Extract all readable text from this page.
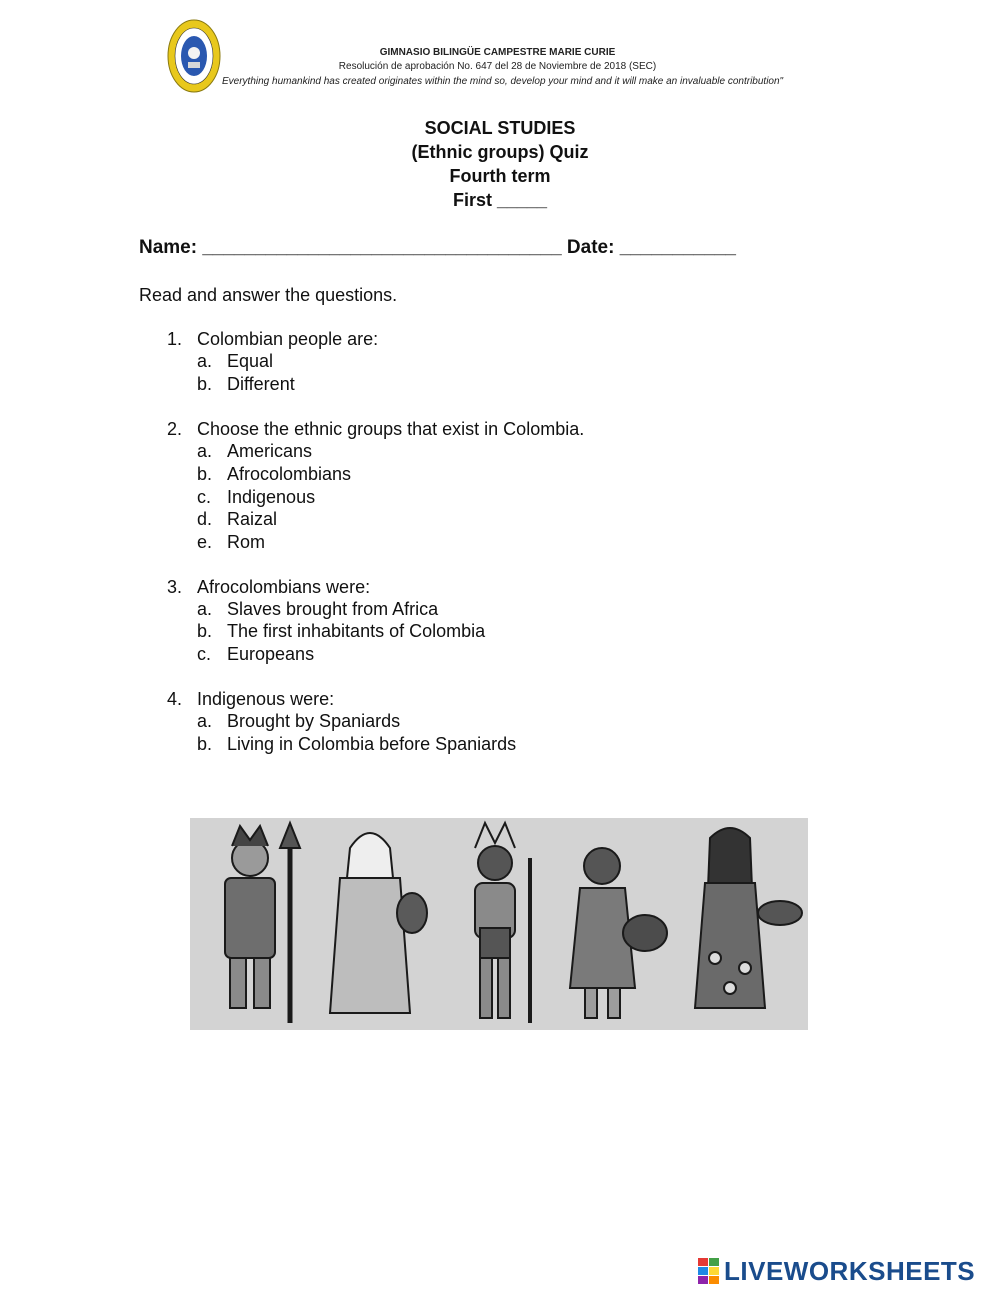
GIMNASIO BILINGÜE CAMPESTRE MARIE CURIE
Resolución de aprobación No. 647 del 28 de Noviembre de 2018 (SEC)
Everything humankind has created originates within the mind so, develop your mind and it will make an invaluable contribution"
SOCIAL STUDIES
(Ethnic groups) Quiz
Fourth term
First _____
Name: __________________________________ Date: ___________
Read and answer the questions.
1. Colombian people are:
a. Equal
b. Different
2. Choose the ethnic groups that exist in Colombia.
a. Americans
b. Afrocolombians
c. Indigenous
d. Raizal
e. Rom
3. Afrocolombians were:
a. Slaves brought from Africa
b. The first inhabitants of Colombia
c. Europeans
4. Indigenous were:
a. Brought by Spaniards
b. Living in Colombia before Spaniards
LIVEWORKSHEETS
